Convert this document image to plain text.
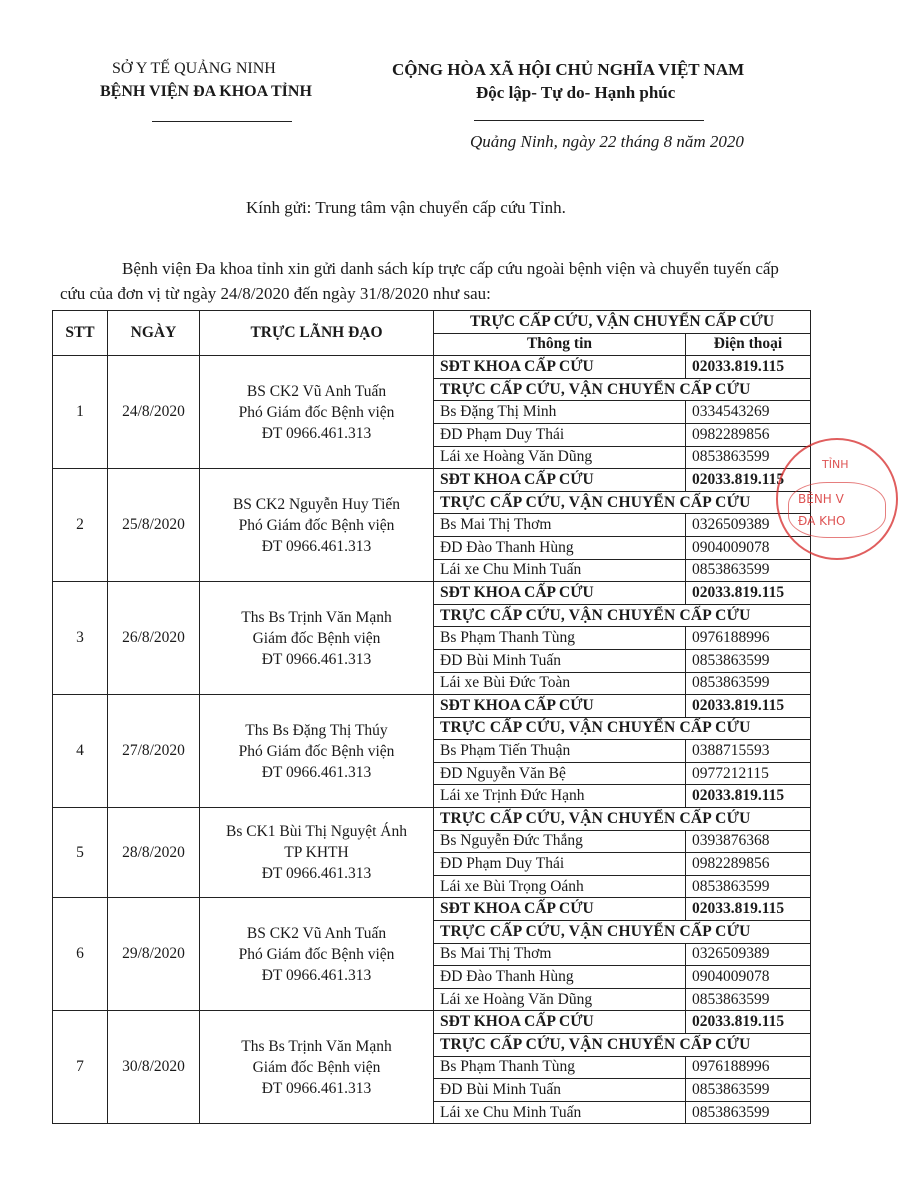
SỞ Y TẾ QUẢNG NINH
BỆNH VIỆN ĐA KHOA TỈNH
CỘNG HÒA XÃ HỘI CHỦ NGHĨA VIỆT NAM
Độc lập- Tự do- Hạnh phúc
Quảng Ninh, ngày 22 tháng 8 năm 2020
Kính gửi: Trung tâm vận chuyển cấp cứu Tỉnh.
Bệnh viện Đa khoa tỉnh xin gửi danh sách kíp trực cấp cứu ngoài bệnh viện và chuyển tuyến cấp cứu của đơn vị từ ngày 24/8/2020 đến ngày 31/8/2020 như sau:
STT	NGÀY	TRỰC LÃNH ĐẠO	TRỰC CẤP CỨU, VẬN CHUYỂN CẤP CỨU	
			Thông tin	Điện thoại
1	24/8/2020	BS CK2 Vũ Anh Tuấn
Phó Giám đốc Bệnh viện
ĐT 0966.461.313	SĐT KHOA CẤP CỨU	02033.819.115
			TRỰC CẤP CỨU, VẬN CHUYỂN CẤP CỨU	
			Bs Đặng Thị Minh	0334543269
			ĐD Phạm Duy Thái	0982289856
			Lái xe Hoàng Văn Dũng	0853863599
2	25/8/2020	BS CK2 Nguyễn Huy Tiến
Phó Giám đốc Bệnh viện
ĐT 0966.461.313	SĐT KHOA CẤP CỨU	02033.819.115
			TRỰC CẤP CỨU, VẬN CHUYỂN CẤP CỨU	
			Bs Mai Thị Thơm	0326509389
			ĐD Đào Thanh Hùng	0904009078
			Lái xe Chu Minh Tuấn	0853863599
3	26/8/2020	Ths Bs Trịnh Văn Mạnh
Giám đốc Bệnh viện
ĐT 0966.461.313	SĐT KHOA CẤP CỨU	02033.819.115
			TRỰC CẤP CỨU, VẬN CHUYỂN CẤP CỨU	
			Bs Phạm Thanh Tùng	0976188996
			ĐD Bùi Minh Tuấn	0853863599
			Lái xe Bùi Đức Toàn	0853863599
4	27/8/2020	Ths Bs Đặng Thị Thúy
Phó Giám đốc Bệnh viện
ĐT 0966.461.313	SĐT KHOA CẤP CỨU	02033.819.115
			TRỰC CẤP CỨU, VẬN CHUYỂN CẤP CỨU	
			Bs Phạm Tiến Thuận	0388715593
			ĐD Nguyễn Văn Bệ	0977212115
			Lái xe Trịnh Đức Hạnh	02033.819.115
5	28/8/2020	Bs CK1 Bùi Thị Nguyệt Ánh
TP KHTH
ĐT 0966.461.313	TRỰC CẤP CỨU, VẬN CHUYỂN CẤP CỨU	
			Bs Nguyễn Đức Thắng	0393876368
			ĐD Phạm Duy Thái	0982289856
			Lái xe Bùi Trọng Oánh	0853863599
6	29/8/2020	BS CK2 Vũ Anh Tuấn
Phó Giám đốc Bệnh viện
ĐT 0966.461.313	SĐT KHOA CẤP CỨU	02033.819.115
			TRỰC CẤP CỨU, VẬN CHUYỂN CẤP CỨU	
			Bs Mai Thị Thơm	0326509389
			ĐD Đào Thanh Hùng	0904009078
			Lái xe Hoàng Văn Dũng	0853863599
7	30/8/2020	Ths Bs Trịnh Văn Mạnh
Giám đốc Bệnh viện
ĐT 0966.461.313	SĐT KHOA CẤP CỨU	02033.819.115
			TRỰC CẤP CỨU, VẬN CHUYỂN CẤP CỨU	
			Bs Phạm Thanh Tùng	0976188996
			ĐD Bùi Minh Tuấn	0853863599
			Lái xe Chu Minh Tuấn	0853863599
TỈNH
BỆNH V
ĐA KHO
